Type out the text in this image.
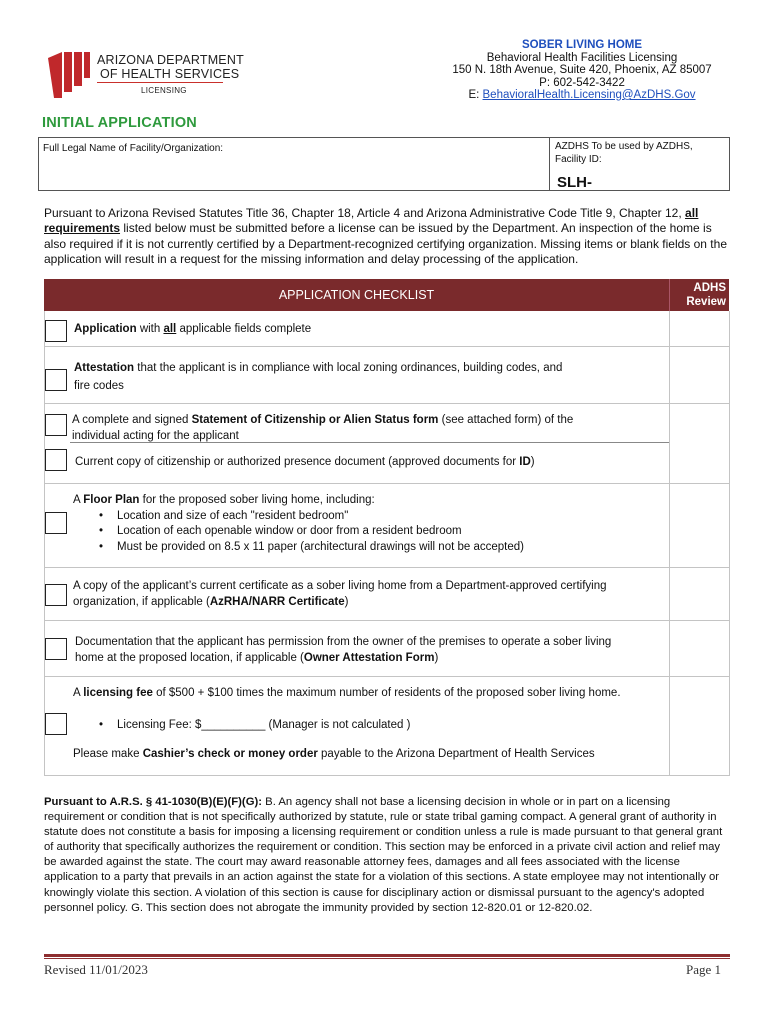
ARIZONA DEPARTMENT
OF HEALTH SERVICES
LICENSING
SOBER LIVING HOME
Behavioral Health Facilities Licensing
150 N. 18th Avenue, Suite 420, Phoenix, AZ 85007
P: 602-542-3422
E: BehavioralHealth.Licensing@AzDHS.Gov
INITIAL APPLICATION
Full Legal Name of Facility/Organization:	AZDHS To be used by AZDHS,
Facility ID:
SLH-
Pursuant to Arizona Revised Statutes Title 36, Chapter 18, Article 4 and Arizona Administrative Code Title 9, Chapter 12, all requirements listed below must be submitted before a license can be issued by the Department. An inspection of the home is also required if it is not currently certified by a Department-recognized certifying organization. Missing items or blank fields on the application will result in a request for the missing information and delay processing of the application.
APPLICATION CHECKLIST	ADHS
Review
Application with all applicable fields complete
Attestation that the applicant is in compliance with local zoning ordinances, building codes, and
fire codes
A complete and signed Statement of Citizenship or Alien Status form (see attached form) of the
individual acting for the applicant
Current copy of citizenship or authorized presence document (approved documents for ID)
A Floor Plan for the proposed sober living home, including:
• Location and size of each "resident bedroom"
• Location of each openable window or door from a resident bedroom
• Must be provided on 8.5 x 11 paper (architectural drawings will not be accepted)
A copy of the applicant’s current certificate as a sober living home from a Department-approved certifying
organization, if applicable (AzRHA/NARR Certificate)
Documentation that the applicant has permission from the owner of the premises to operate a sober living
home at the proposed location, if applicable (Owner Attestation Form)
A licensing fee of $500 + $100 times the maximum number of residents of the proposed sober living home.
• Licensing Fee: $__________ (Manager is not calculated )
Please make Cashier’s check or money order payable to the Arizona Department of Health Services
Pursuant to A.R.S. § 41-1030(B)(E)(F)(G): B. An agency shall not base a licensing decision in whole or in part on a licensing requirement or condition that is not specifically authorized by statute, rule or state tribal gaming compact. A general grant of authority in statute does not constitute a basis for imposing a licensing requirement or condition unless a rule is made pursuant to that general grant of authority that specifically authorizes the requirement or condition. This section may be enforced in a private civil action and relief may be awarded against the state. The court may award reasonable attorney fees, damages and all fees associated with the license application to a party that prevails in an action against the state for a violation of this sections. A state employee may not intentionally or knowingly violate this section. A violation of this section is cause for disciplinary action or dismissal pursuant to the agency's adopted personnel policy. G. This section does not abrogate the immunity provided by section 12-820.01 or 12-820.02.
Revised 11/01/2023	Page 1
